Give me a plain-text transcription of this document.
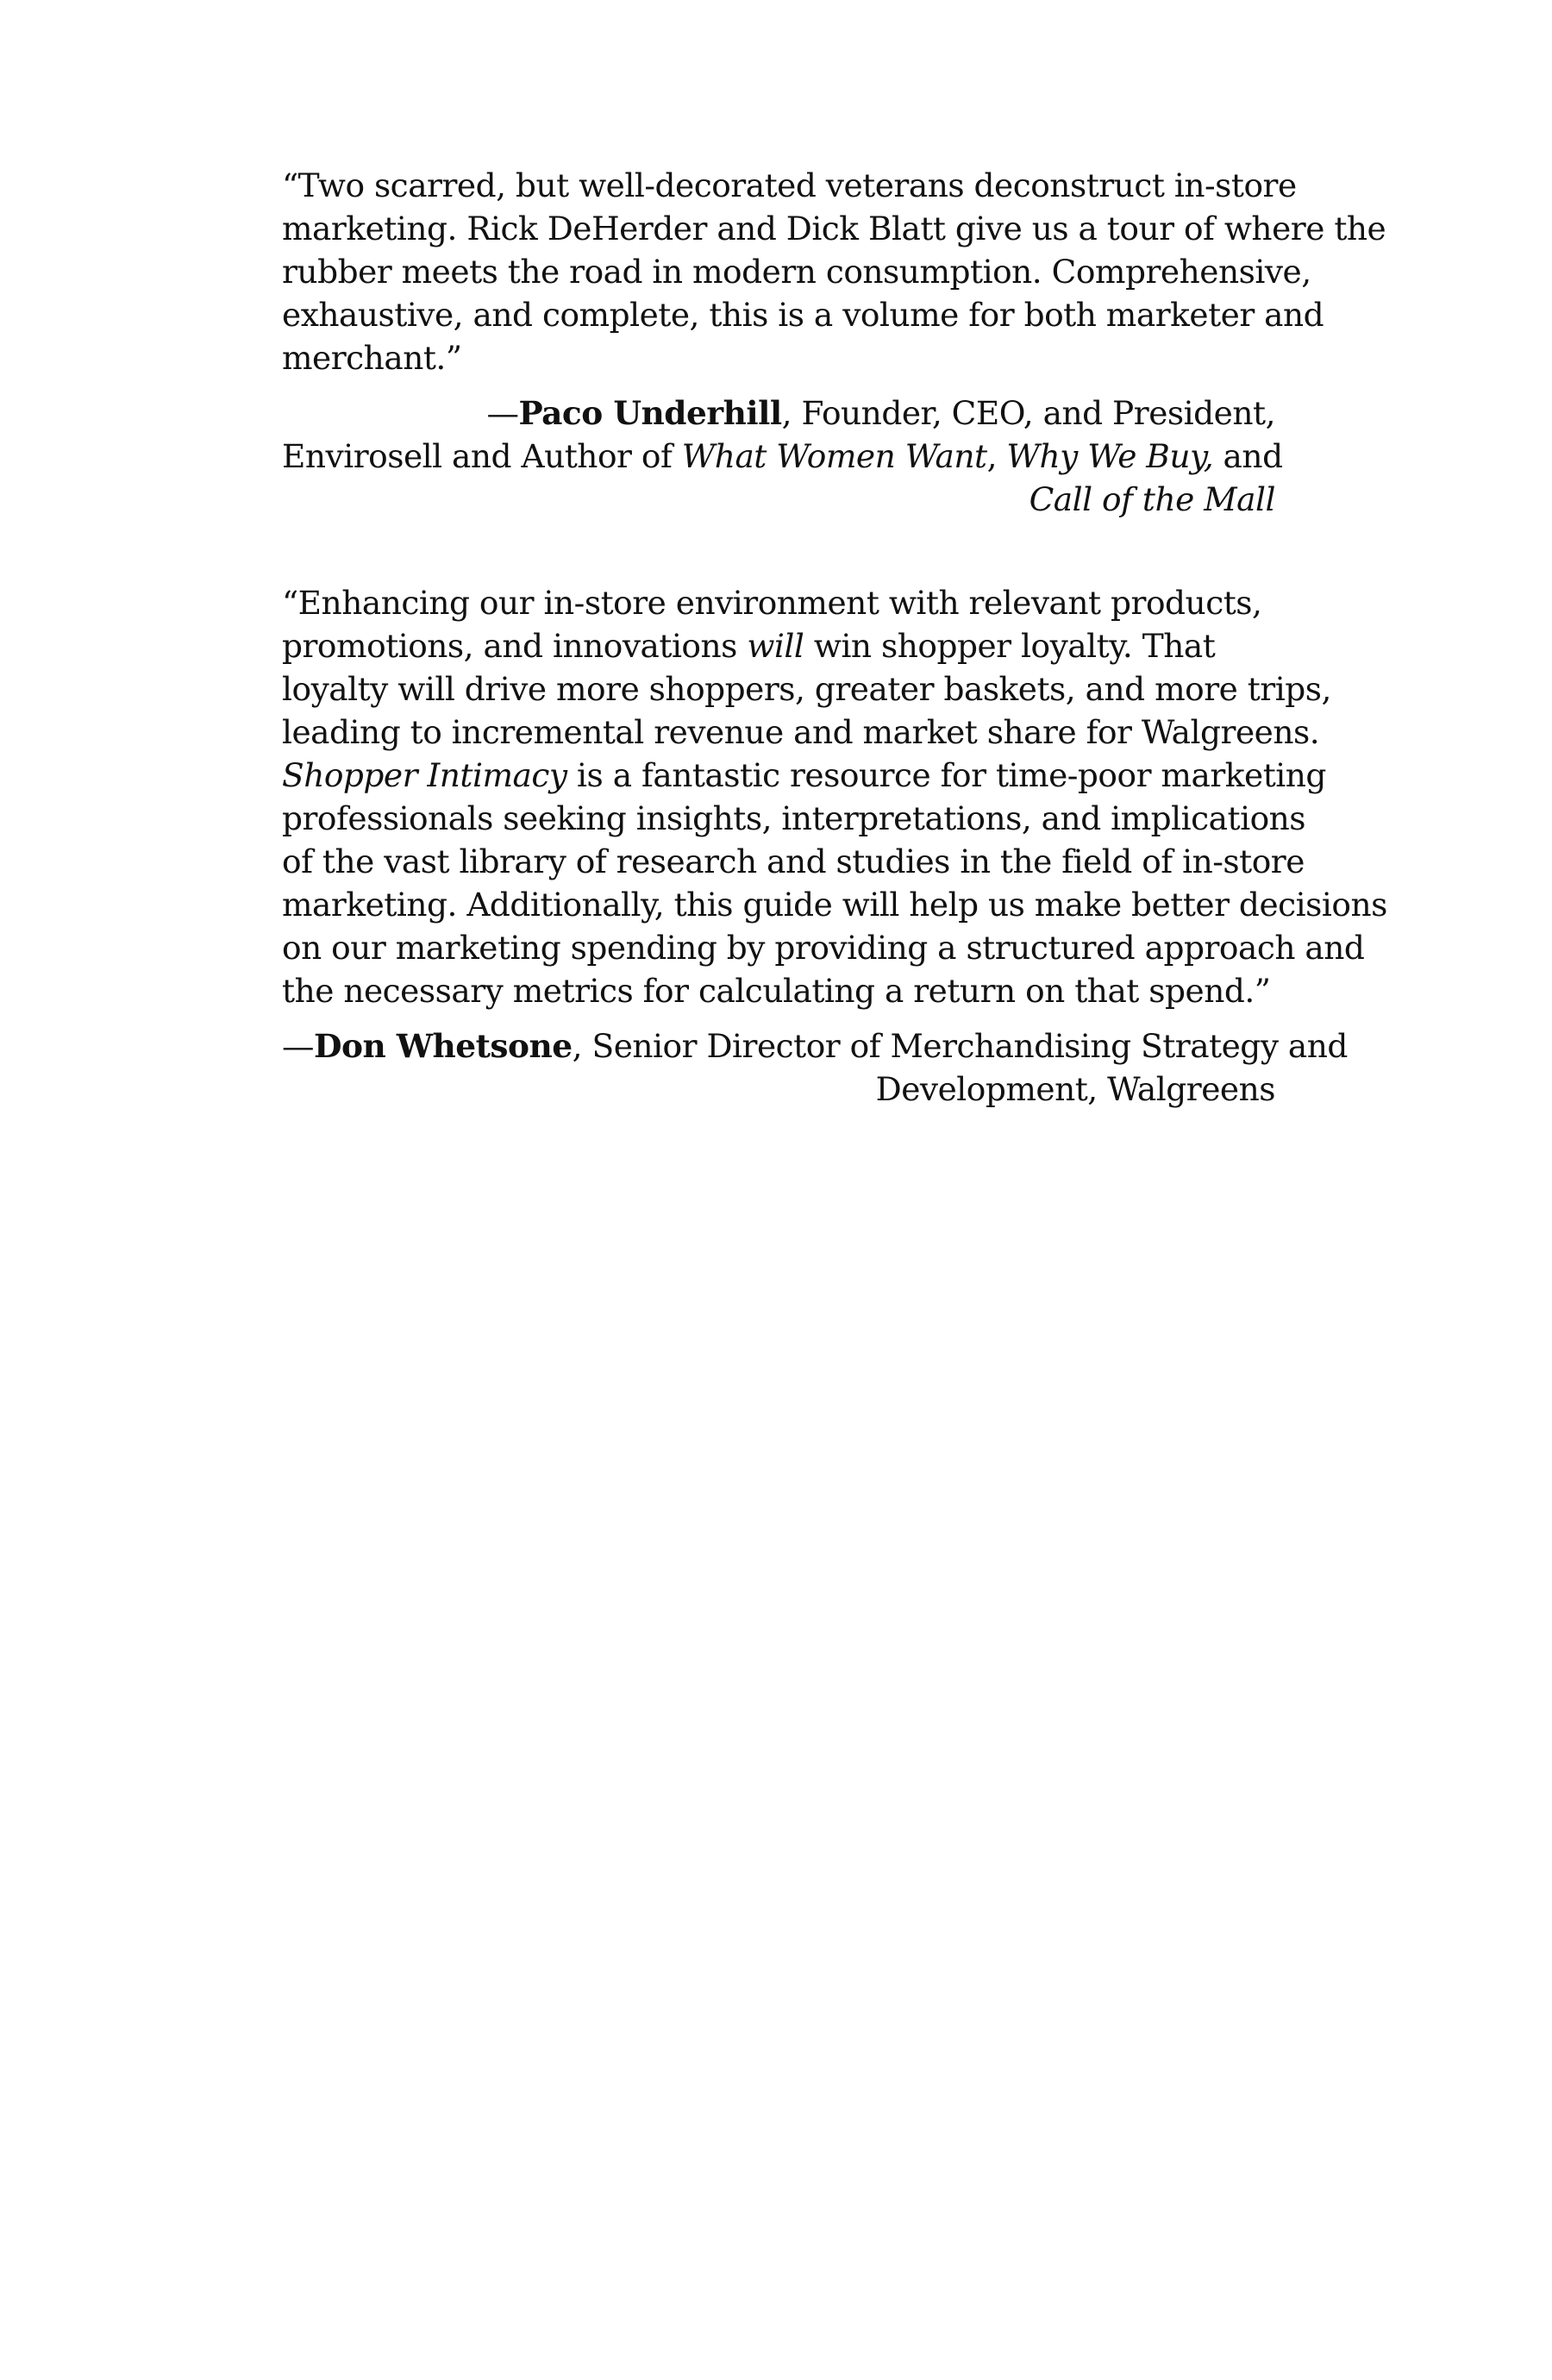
“Two scarred, but well-decorated veterans deconstruct in-store
marketing. Rick DeHerder and Dick Blatt give us a tour of where the
rubber meets the road in modern consumption. Comprehensive,
exhaustive, and complete, this is a volume for both marketer and
merchant.”

—Paco Underhill, Founder, CEO, and President,
Envirosell and Author of What Women Want, Why We Buy, and
Call of the Mall

“Enhancing our in-store environment with relevant products,
promotions, and innovations will win shopper loyalty. That
loyalty will drive more shoppers, greater baskets, and more trips,
leading to incremental revenue and market share for Walgreens.
Shopper Intimacy is a fantastic resource for time-poor marketing
professionals seeking insights, interpretations, and implications
of the vast library of research and studies in the field of in-store
marketing. Additionally, this guide will help us make better decisions
on our marketing spending by providing a structured approach and
the necessary metrics for calculating a return on that spend.”

—Don Whetsone, Senior Director of Merchandising Strategy and
Development, Walgreens
